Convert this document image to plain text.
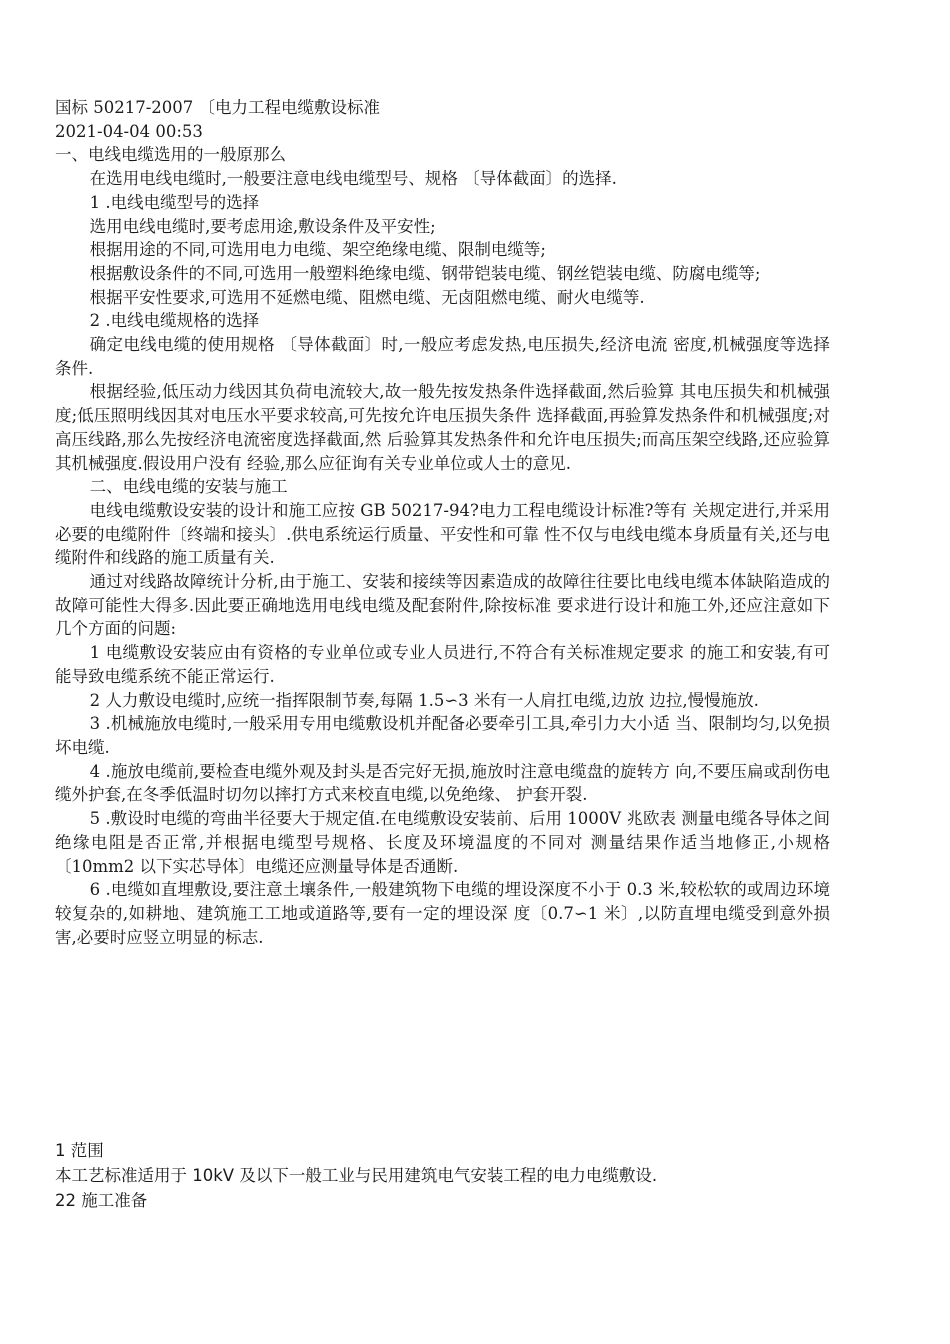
国标 50217-2007 〔电力工程电缆敷设标准
2021-04-04 00:53
一、电线电缆选用的一般原那么
在选用电线电缆时,一般要注意电线电缆型号、规格 〔导体截面〕的选择.
1 .电线电缆型号的选择
选用电线电缆时,要考虑用途,敷设条件及平安性;
根据用途的不同,可选用电力电缆、架空绝缘电缆、限制电缆等;
根据敷设条件的不同,可选用一般塑料绝缘电缆、钢带铠装电缆、钢丝铠装电缆、防腐电缆等;
根据平安性要求,可选用不延燃电缆、阻燃电缆、无卤阻燃电缆、耐火电缆等.
2 .电线电缆规格的选择
确定电线电缆的使用规格 〔导体截面〕时,一般应考虑发热,电压损失,经济电流 密度,机械强度等选择条件.
根据经验,低压动力线因其负荷电流较大,故一般先按发热条件选择截面,然后验算 其电压损失和机械强度;低压照明线因其对电压水平要求较高,可先按允许电压损失条件 选择截面,再验算发热条件和机械强度;对高压线路,那么先按经济电流密度选择截面,然 后验算其发热条件和允许电压损失;而高压架空线路,还应验算其机械强度.假设用户没有 经验,那么应征询有关专业单位或人士的意见.
二、电线电缆的安装与施工
电线电缆敷设安装的设计和施工应按 GB 50217-94?电力工程电缆设计标准?等有 关规定进行,并采用必要的电缆附件〔终端和接头〕.供电系统运行质量、平安性和可靠 性不仅与电线电缆本身质量有关,还与电缆附件和线路的施工质量有关.
通过对线路故障统计分析,由于施工、安装和接续等因素造成的故障往往要比电线电缆本体缺陷造成的故障可能性大得多.因此要正确地选用电线电缆及配套附件,除按标准 要求进行设计和施工外,还应注意如下几个方面的问题:
1 电缆敷设安装应由有资格的专业单位或专业人员进行,不符合有关标准规定要求 的施工和安装,有可能导致电缆系统不能正常运行.
2 人力敷设电缆时,应统一指挥限制节奏,每隔 1.5∽3 米有一人肩扛电缆,边放 边拉,慢慢施放.
3 .机械施放电缆时,一般采用专用电缆敷设机并配备必要牵引工具,牵引力大小适 当、限制均匀,以免损坏电缆.
4 .施放电缆前,要检查电缆外观及封头是否完好无损,施放时注意电缆盘的旋转方 向,不要压扁或刮伤电缆外护套,在冬季低温时切勿以摔打方式来校直电缆,以免绝缘、 护套开裂.
5 .敷设时电缆的弯曲半径要大于规定值.在电缆敷设安装前、后用 1000V 兆欧表 测量电缆各导体之间绝缘电阻是否正常,并根据电缆型号规格、长度及环境温度的不同对 测量结果作适当地修正,小规格〔10mm2 以下实芯导体〕电缆还应测量导体是否通断.
6 .电缆如直埋敷设,要注意土壤条件,一般建筑物下电缆的埋设深度不小于 0.3 米,较松软的或周边环境较复杂的,如耕地、建筑施工工地或道路等,要有一定的埋设深 度〔0.7∽1 米〕,以防直埋电缆受到意外损害,必要时应竖立明显的标志.
1 范围
本工艺标准适用于 10kV 及以下一般工业与民用建筑电气安装工程的电力电缆敷设.
22 施工准备
